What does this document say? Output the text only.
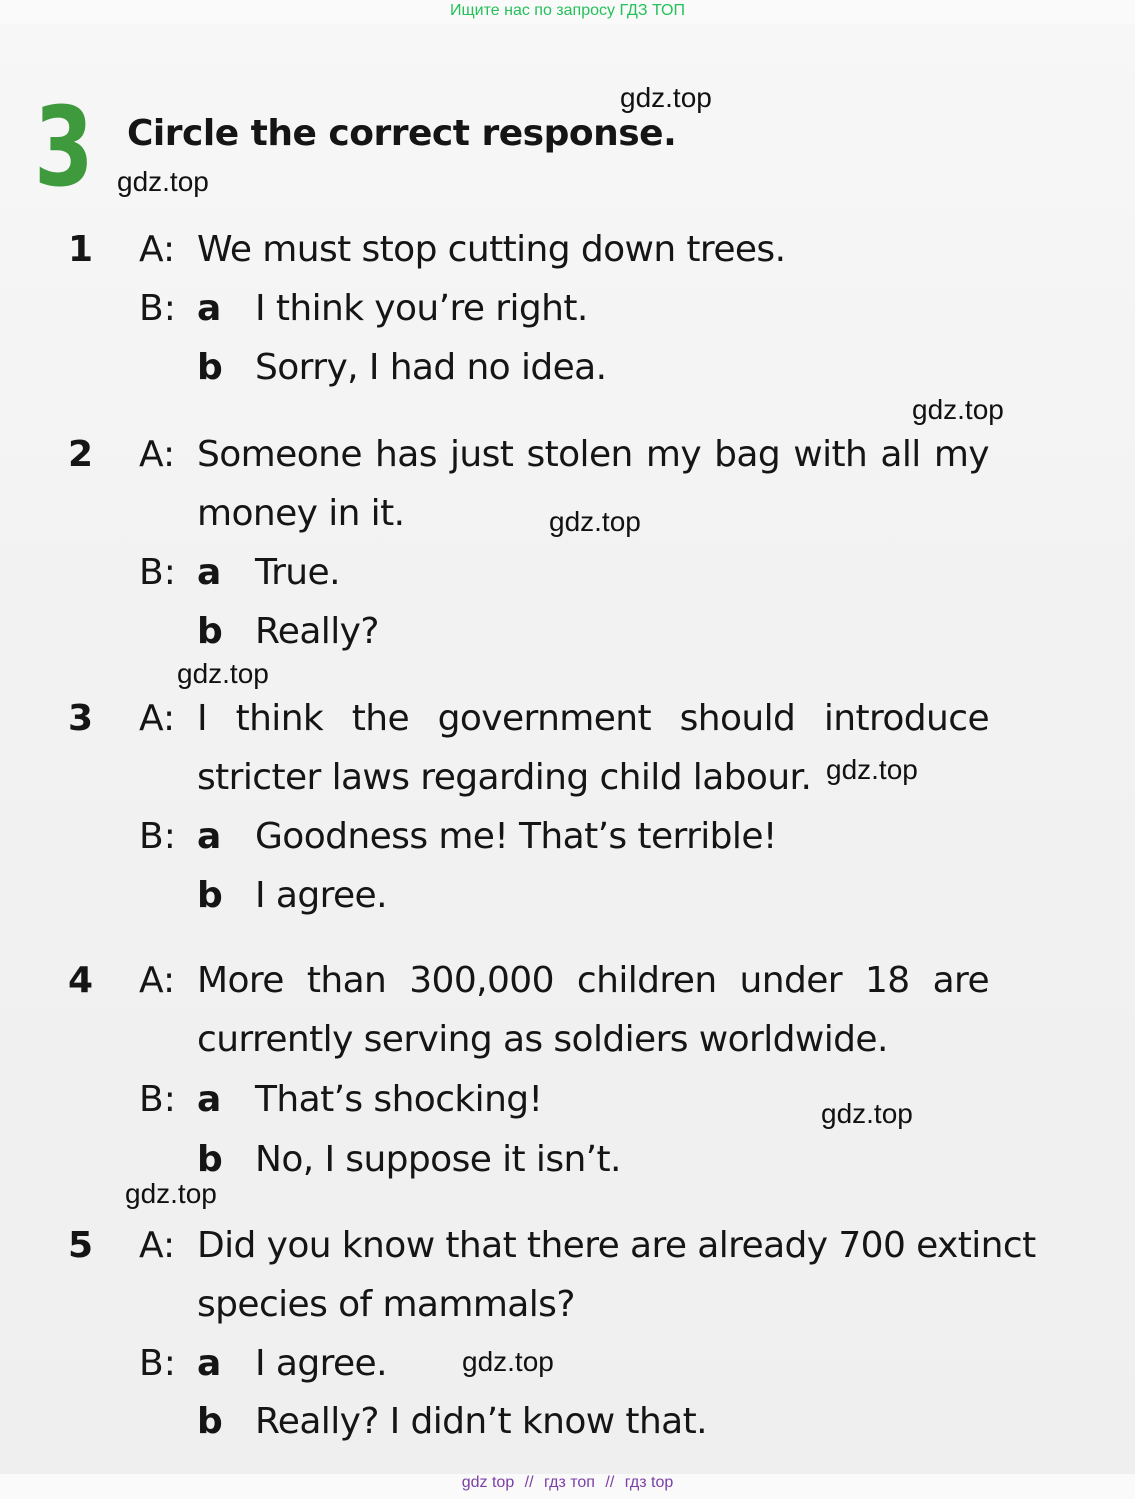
Ищите нас по запросу ГДЗ ТОП
3 Circle the correct response.
1 A: We must stop cutting down trees.
B: a I think you’re right.
b Sorry, I had no idea.
2 A: Someone has just stolen my bag with all my
money in it.
B: a True.
b Really?
3 A: I think the government should introduce
stricter laws regarding child labour.
B: a Goodness me! That’s terrible!
b I agree.
4 A: More than 300,000 children under 18 are
currently serving as soldiers worldwide.
B: a That’s shocking!
b No, I suppose it isn’t.
5 A: Did you know that there are already 700 extinct
species of mammals?
B: a I agree.
b Really? I didn’t know that.
gdz.top
gdz.top
gdz.top
gdz.top
gdz.top
gdz.top
gdz.top
gdz.top
gdz.top
gdz top // гдз топ // гдз top
